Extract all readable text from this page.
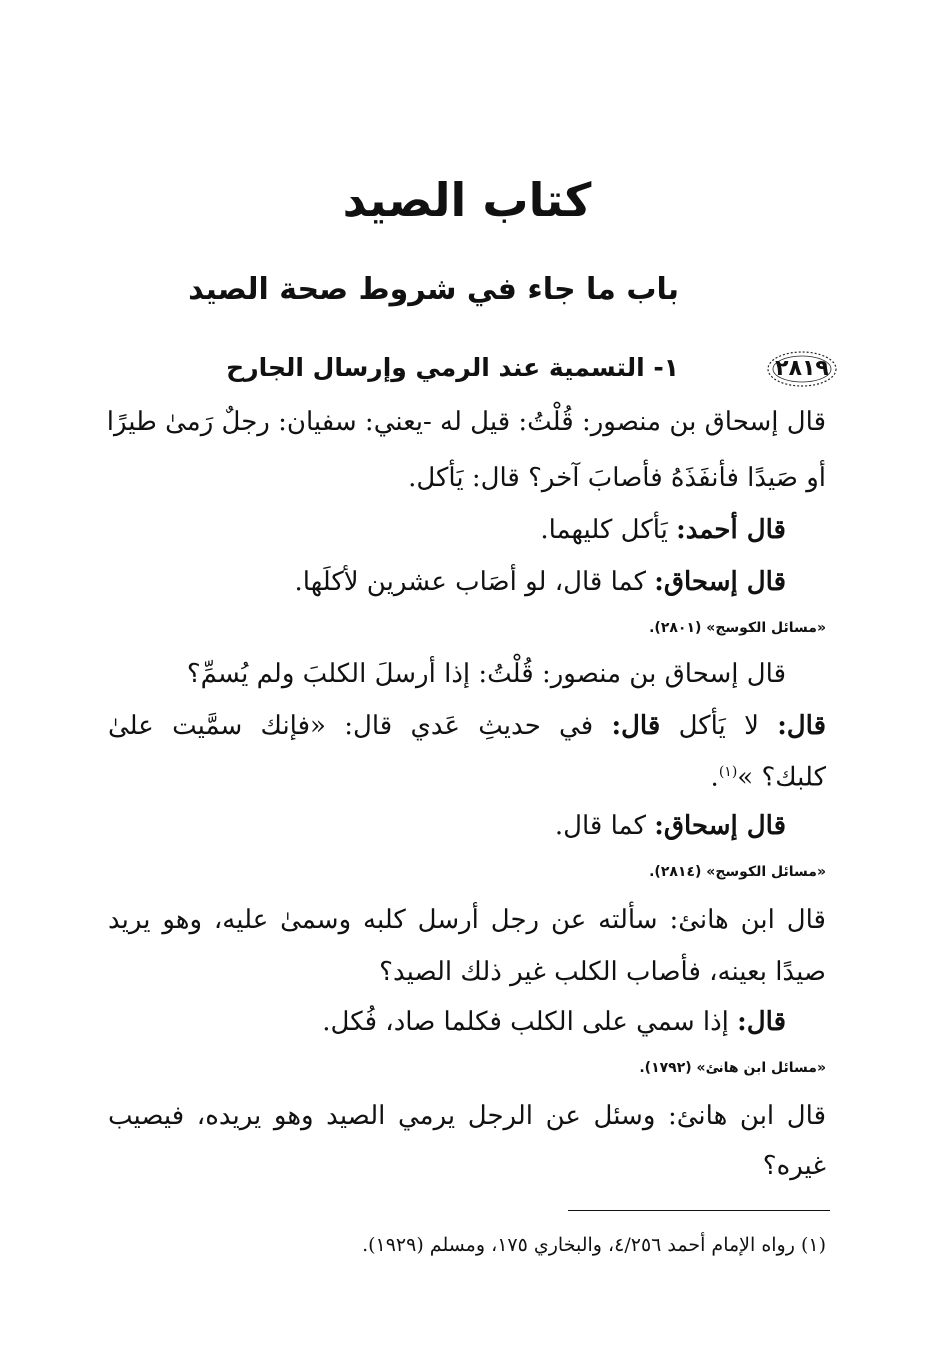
كتاب الصيد
باب ما جاء في شروط صحة الصيد
٢٨١٩
١- التسمية عند الرمي وإرسال الجارح
قال إسحاق بن منصور: قُلْتُ: قيل له -يعني: سفيان: رجلٌ رَمىٰ طيرًا
أو صَيدًا فأنفَذَهُ فأصابَ آخر؟ قال: يَأكل.
قال أحمد: يَأكل كليهما.
قال إسحاق: كما قال، لو أصَاب عشرين لأكلَها.
«مسائل الكوسج» (٢٨٠١).
قال إسحاق بن منصور: قُلْتُ: إذا أرسلَ الكلبَ ولم يُسمِّ؟
قال: لا يَأكل قال: في حديثِ عَدي قال: «فإنك سمَّيت علىٰ
كلبك؟ »$^{(١)}$.
قال إسحاق: كما قال.
«مسائل الكوسج» (٢٨١٤).
قال ابن هانئ: سألته عن رجل أرسل كلبه وسمىٰ عليه، وهو يريد
صيدًا بعينه، فأصاب الكلب غير ذلك الصيد؟
قال: إذا سمي على الكلب فكلما صاد، فُكل.
«مسائل ابن هانئ» (١٧٩٢).
قال ابن هانئ: وسئل عن الرجل يرمي الصيد وهو يريده، فيصيب
غيره؟
(١) رواه الإمام أحمد ٤/٢٥٦، والبخاري ١٧٥، ومسلم (١٩٢٩).
